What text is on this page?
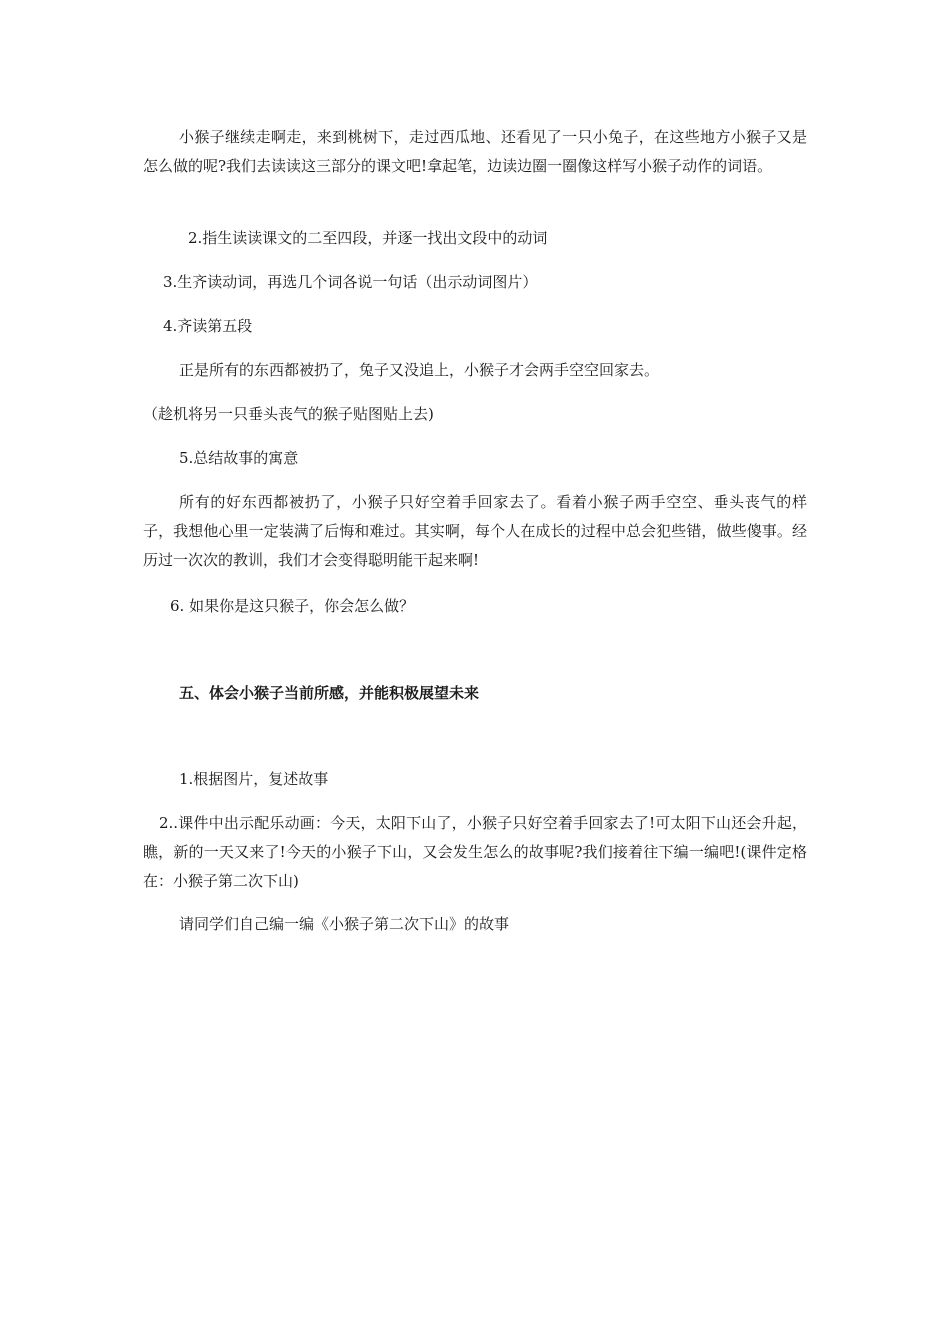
小猴子继续走啊走，来到桃树下，走过西瓜地、还看见了一只小兔子，在这些地方小猴子又是怎么做的呢?我们去读读这三部分的课文吧!拿起笔，边读边圈一圈像这样写小猴子动作的词语。

2.指生读读课文的二至四段，并逐一找出文段中的动词

3.生齐读动词，再选几个词各说一句话（出示动词图片）

4.齐读第五段

正是所有的东西都被扔了，兔子又没追上，小猴子才会两手空空回家去。

（趁机将另一只垂头丧气的猴子贴图贴上去)

5.总结故事的寓意

所有的好东西都被扔了，小猴子只好空着手回家去了。看着小猴子两手空空、垂头丧气的样子，我想他心里一定装满了后悔和难过。其实啊，每个人在成长的过程中总会犯些错，做些傻事。经历过一次次的教训，我们才会变得聪明能干起来啊!

6. 如果你是这只猴子，你会怎么做？

五、体会小猴子当前所感，并能积极展望未来

1.根据图片，复述故事

2..课件中出示配乐动画：今天，太阳下山了，小猴子只好空着手回家去了!可太阳下山还会升起，瞧，新的一天又来了!今天的小猴子下山，又会发生怎么的故事呢?我们接着往下编一编吧!(课件定格在：小猴子第二次下山)

请同学们自己编一编《小猴子第二次下山》的故事
